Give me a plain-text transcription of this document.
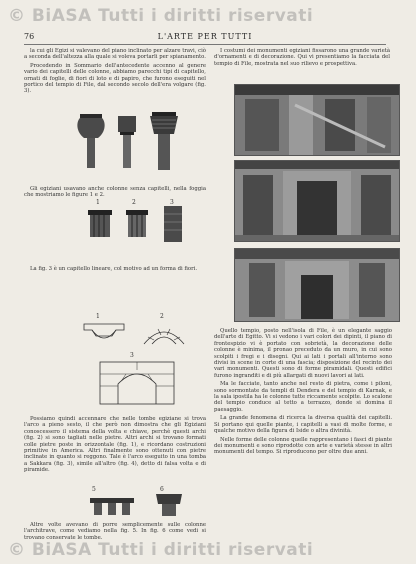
© BiASA Tutti i diritti riservati
76	L'ARTE PER TUTTI

la cui gli Egizi si valevano del piano inclinato per alzare travi, ciò a seconda dell'altezza alla quale si voleva portarli per spianamento.

Procedendo in Sommario dell'antecedente accenno al genere vario dei capitelli delle colonne, abbiamo parecchi tipi di capitello, ornati di foglie, di fiori di loto e di papiro, che furono eseguiti nel portico del tempio di File, dal secondo secolo dell'era volgare (fig. 3).

Gli egiziani usavano anche colonne senza capitelli, nella foggia che mostriamo le figure 1 e 2.

1	2	3

La fig. 3 è un capitello lineare, col motivo ad un forma di fiori.

1	2
3

Possiamo quindi accennare che nelle tombe egiziane si trova l'arco a pieno sesto, il che però non dimostra che gli Egiziani conoscessero il sistema della volta e chiave, perchè questi archi (fig. 2) si sono tagliati nelle pietre. Altri archi si trovano formati colle pietre poste in orizzontale (fig. 1), e ricordano costruzioni primitive in America. Altri finalmente sono ottenuti con pietre inclinate in quanto si reggono. Tale è l'arco eseguito in una tomba a Sakkara (fig. 3), simile all'altro (fig. 4), detto di falsa volta e di piramide.

5	6

Altre volte avevano di porre semplicemente sulle colonne l'architrave, come vediamo nella fig. 5. In fig. 6 come vedi si trovano conservate le tombe.

I costumi dei monumenti egiziani fissarono una grande varietà d'ornamenti e di decorazione. Qui vi presentiamo la facciata del tempio di File, mostrata nel suo rilievo e prospettiva.

Quello tempio, posto nell'isola di File, è un elegante saggio dell'arte di Egitto. Vi si vedono i vari colori dei dipinti, il piano di frontespizio vi è portato con sobrietà, la decorazione delle colonne è minima, il pronao preceduto da un muro, in cui sono scolpiti i fregi e i disegni. Qui ai lati i portali all'interno sono divisi in scene in corte di una fascia; disposizione del recinto dei vari monumenti. Questi sono di forme piramidali. Questi edifici furono ingranditi e di più allargati di nuovi lavori ai lati.

Ma le facciate, tanto anche nel resto di pietra, come i piloni, sono sormontate da templi di Dendera e del tempio di Karnak, e la sala ipostila ha le colonne tutte riccamente scolpite. Lo scalone del tempio conduce al tetto a terrazzo, donde si domina il paesaggio.

La grande fenomena di ricerca la diversa qualità dei capitelli. Si portano qui quelle piante, i capitelli a vasi di molte forme, e qualche motivo della figura di Iside o altra divinità.

Nelle forme delle colonne quelle rappresentano i fasci di piante dei monumenti e sono riprodotte con arte e varietà stesse in altri monumenti del tempo. Si riproducono per oltre due anni.

© BiASA Tutti i diritti riservati
